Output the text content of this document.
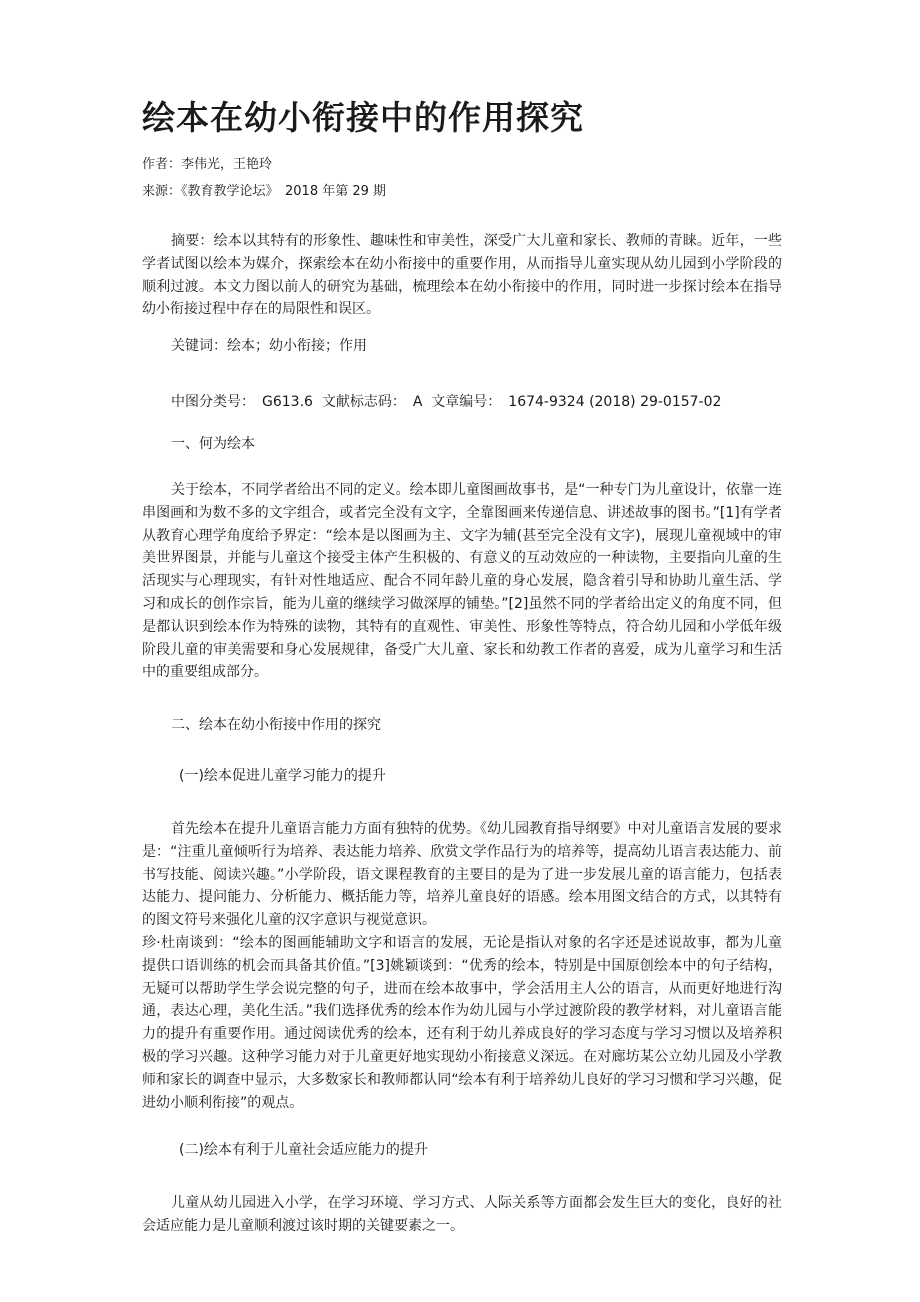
绘本在幼小衔接中的作用探究
作者：李伟光，王艳玲
来源：《教育教学论坛》　2018 年第 29 期

摘要：绘本以其特有的形象性、趣味性和审美性，深受广大儿童和家长、教师的青睐。近年，一些学者试图以绘本为媒介，探索绘本在幼小衔接中的重要作用，从而指导儿童实现从幼儿园到小学阶段的顺利过渡。本文力图以前人的研究为基础，梳理绘本在幼小衔接中的作用，同时进一步探讨绘本在指导幼小衔接过程中存在的局限性和误区。

关键词：绘本；幼小衔接；作用
中图分类号：　G613.6  文献标志码：　A  文章编号：　1674-9324 (2018) 29-0157-02
一、何为绘本

关于绘本，不同学者给出不同的定义。绘本即儿童图画故事书，是“一种专门为儿童设计，依靠一连串图画和为数不多的文字组合，或者完全没有文字，全靠图画来传递信息、讲述故事的图书。”[1]有学者从教育心理学角度给予界定：“绘本是以图画为主、文字为辅(甚至完全没有文字)，展现儿童视域中的审美世界图景，并能与儿童这个接受主体产生积极的、有意义的互动效应的一种读物，主要指向儿童的生活现实与心理现实，有针对性地适应、配合不同年龄儿童的身心发展，隐含着引导和协助儿童生活、学习和成长的创作宗旨，能为儿童的继续学习做深厚的铺垫。”[2]虽然不同的学者给出定义的角度不同，但是都认识到绘本作为特殊的读物，其特有的直观性、审美性、形象性等特点，符合幼儿园和小学低年级阶段儿童的审美需要和身心发展规律，备受广大儿童、家长和幼教工作者的喜爱，成为儿童学习和生活中的重要组成部分。

二、绘本在幼小衔接中作用的探究
(一)绘本促进儿童学习能力的提升

首先绘本在提升儿童语言能力方面有独特的优势。《幼儿园教育指导纲要》中对儿童语言发展的要求是：“注重儿童倾听行为培养、表达能力培养、欣赏文学作品行为的培养等，提高幼儿语言表达能力、前书写技能、阅读兴趣。”小学阶段，语文课程教育的主要目的是为了进一步发展儿童的语言能力，包括表达能力、提问能力、分析能力、概括能力等，培养儿童良好的语感。绘本用图文结合的方式，以其特有的图文符号来强化儿童的汉字意识与视觉意识。

珍·杜南谈到：“绘本的图画能辅助文字和语言的发展，无论是指认对象的名字还是述说故事，都为儿童提供口语训练的机会而具备其价值。”[3]姚颖谈到：“优秀的绘本，特别是中国原创绘本中的句子结构，无疑可以帮助学生学会说完整的句子，进而在绘本故事中，学会活用主人公的语言，从而更好地进行沟通，表达心理，美化生活。”我们选择优秀的绘本作为幼儿园与小学过渡阶段的教学材料，对儿童语言能力的提升有重要作用。通过阅读优秀的绘本，还有利于幼儿养成良好的学习态度与学习习惯以及培养积极的学习兴趣。这种学习能力对于儿童更好地实现幼小衔接意义深远。在对廊坊某公立幼儿园及小学教师和家长的调查中显示，大多数家长和教师都认同“绘本有利于培养幼儿良好的学习习惯和学习兴趣，促进幼小顺利衔接”的观点。

(二)绘本有利于儿童社会适应能力的提升

儿童从幼儿园进入小学，在学习环境、学习方式、人际关系等方面都会发生巨大的变化，良好的社会适应能力是儿童顺利渡过该时期的关键要素之一。
